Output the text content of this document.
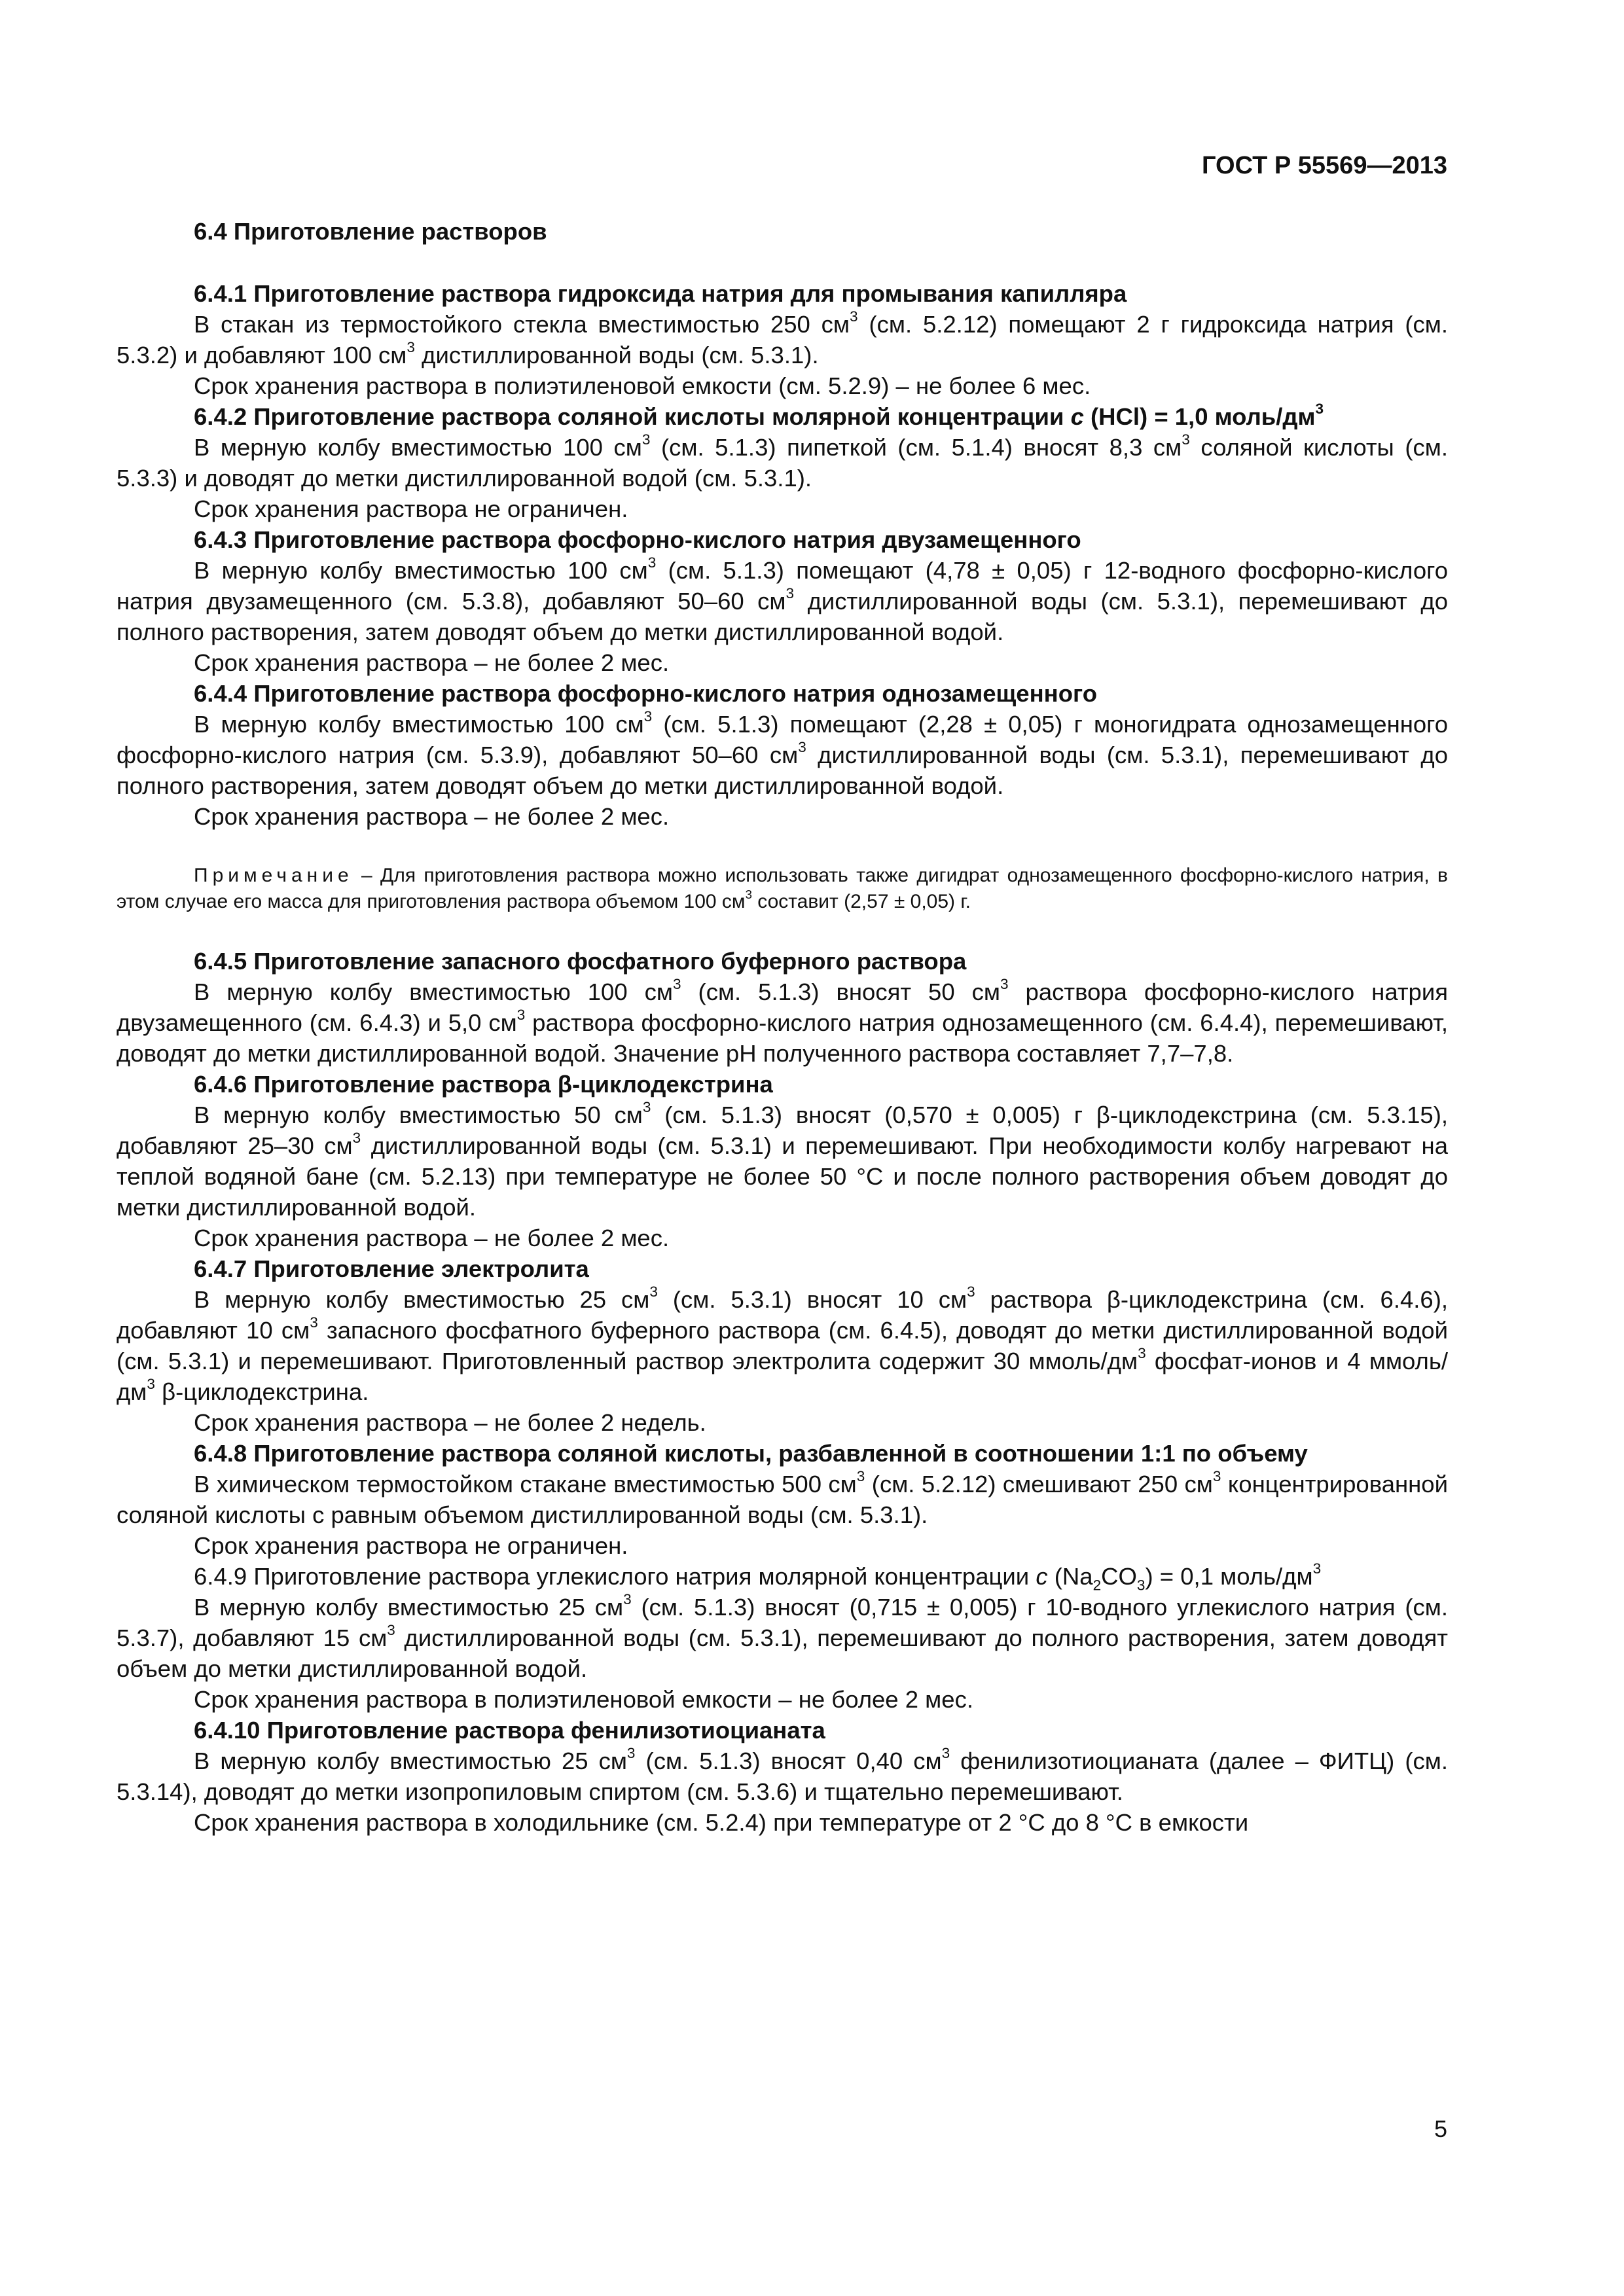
ГОСТ Р 55569—2013

6.4 Приготовление растворов

6.4.1 Приготовление раствора гидроксида натрия для промывания капилляра

В стакан из термостойкого стекла вместимостью 250 $см^3$ (см. 5.2.12) помещают 2 г гидроксида натрия (см. 5.3.2) и добавляют 100 $см^3$ дистиллированной воды (см. 5.3.1).

Срок хранения раствора в полиэтиленовой емкости (см. 5.2.9) – не более 6 мес.

6.4.2 Приготовление раствора соляной кислоты молярной концентрации c (HCl) = 1,0 моль/$дм^3$

В мерную колбу вместимостью 100 $см^3$ (см. 5.1.3) пипеткой (см. 5.1.4) вносят 8,3 $см^3$ соляной кислоты (см. 5.3.3) и доводят до метки дистиллированной водой (см. 5.3.1).

Срок хранения раствора не ограничен.

6.4.3 Приготовление раствора фосфорно-кислого натрия двузамещенного

В мерную колбу вместимостью 100 $см^3$ (см. 5.1.3) помещают (4,78 ± 0,05) г 12-водного фосфорно-кислого натрия двузамещенного (см. 5.3.8), добавляют 50–60 $см^3$ дистиллированной воды (см. 5.3.1), перемешивают до полного растворения, затем доводят объем до метки дистиллированной водой.

Срок хранения раствора – не более 2 мес.

6.4.4 Приготовление раствора фосфорно-кислого натрия однозамещенного

В мерную колбу вместимостью 100 $см^3$ (см. 5.1.3) помещают (2,28 ± 0,05) г моногидрата однозамещенного фосфорно-кислого натрия (см. 5.3.9), добавляют 50–60 $см^3$ дистиллированной воды (см. 5.3.1), перемешивают до полного растворения, затем доводят объем до метки дистиллированной водой.

Срок хранения раствора – не более 2 мес.

Примечание – Для приготовления раствора можно использовать также дигидрат однозамещенного фосфорно-кислого натрия, в этом случае его масса для приготовления раствора объемом 100 $см^3$ составит (2,57 ± 0,05) г.

6.4.5 Приготовление запасного фосфатного буферного раствора

В мерную колбу вместимостью 100 $см^3$ (см. 5.1.3) вносят 50 $см^3$ раствора фосфорно-кислого натрия двузамещенного (см. 6.4.3) и 5,0 $см^3$ раствора фосфорно-кислого натрия однозамещенного (см. 6.4.4), перемешивают, доводят до метки дистиллированной водой. Значение pH полученного раствора составляет 7,7–7,8.

6.4.6 Приготовление раствора β-циклодекстрина

В мерную колбу вместимостью 50 $см^3$ (см. 5.1.3) вносят (0,570 ± 0,005) г β-циклодекстрина (см. 5.3.15), добавляют 25–30 $см^3$ дистиллированной воды (см. 5.3.1) и перемешивают. При необходимости колбу нагревают на теплой водяной бане (см. 5.2.13) при температуре не более 50 °С и после полного растворения объем доводят до метки дистиллированной водой.

Срок хранения раствора – не более 2 мес.

6.4.7 Приготовление электролита

В мерную колбу вместимостью 25 $см^3$ (см. 5.3.1) вносят 10 $см^3$ раствора β-циклодекстрина (см. 6.4.6), добавляют 10 $см^3$ запасного фосфатного буферного раствора (см. 6.4.5), доводят до метки дистиллированной водой (см. 5.3.1) и перемешивают. Приготовленный раствор электролита содержит 30 ммоль/$дм^3$ фосфат-ионов и 4 ммоль/$дм^3$ β-циклодекстрина.

Срок хранения раствора – не более 2 недель.

6.4.8 Приготовление раствора соляной кислоты, разбавленной в соотношении 1:1 по объему

В химическом термостойком стакане вместимостью 500 $см^3$ (см. 5.2.12) смешивают 250 $см^3$ концентрированной соляной кислоты с равным объемом дистиллированной воды (см. 5.3.1).

Срок хранения раствора не ограничен.

6.4.9 Приготовление раствора углекислого натрия молярной концентрации c $(Na_2CO_3) = 0,1$ моль/$дм^3$

В мерную колбу вместимостью 25 $см^3$ (см. 5.1.3) вносят (0,715 ± 0,005) г 10-водного углекислого натрия (см. 5.3.7), добавляют 15 $см^3$ дистиллированной воды (см. 5.3.1), перемешивают до полного растворения, затем доводят объем до метки дистиллированной водой.

Срок хранения раствора в полиэтиленовой емкости – не более 2 мес.

6.4.10 Приготовление раствора фенилизотиоцианата

В мерную колбу вместимостью 25 $см^3$ (см. 5.1.3) вносят 0,40 $см^3$ фенилизотиоцианата (далее – ФИТЦ) (см. 5.3.14), доводят до метки изопропиловым спиртом (см. 5.3.6) и тщательно перемешивают.

Срок хранения раствора в холодильнике (см. 5.2.4) при температуре от 2 °С до 8 °С в емкости

5
